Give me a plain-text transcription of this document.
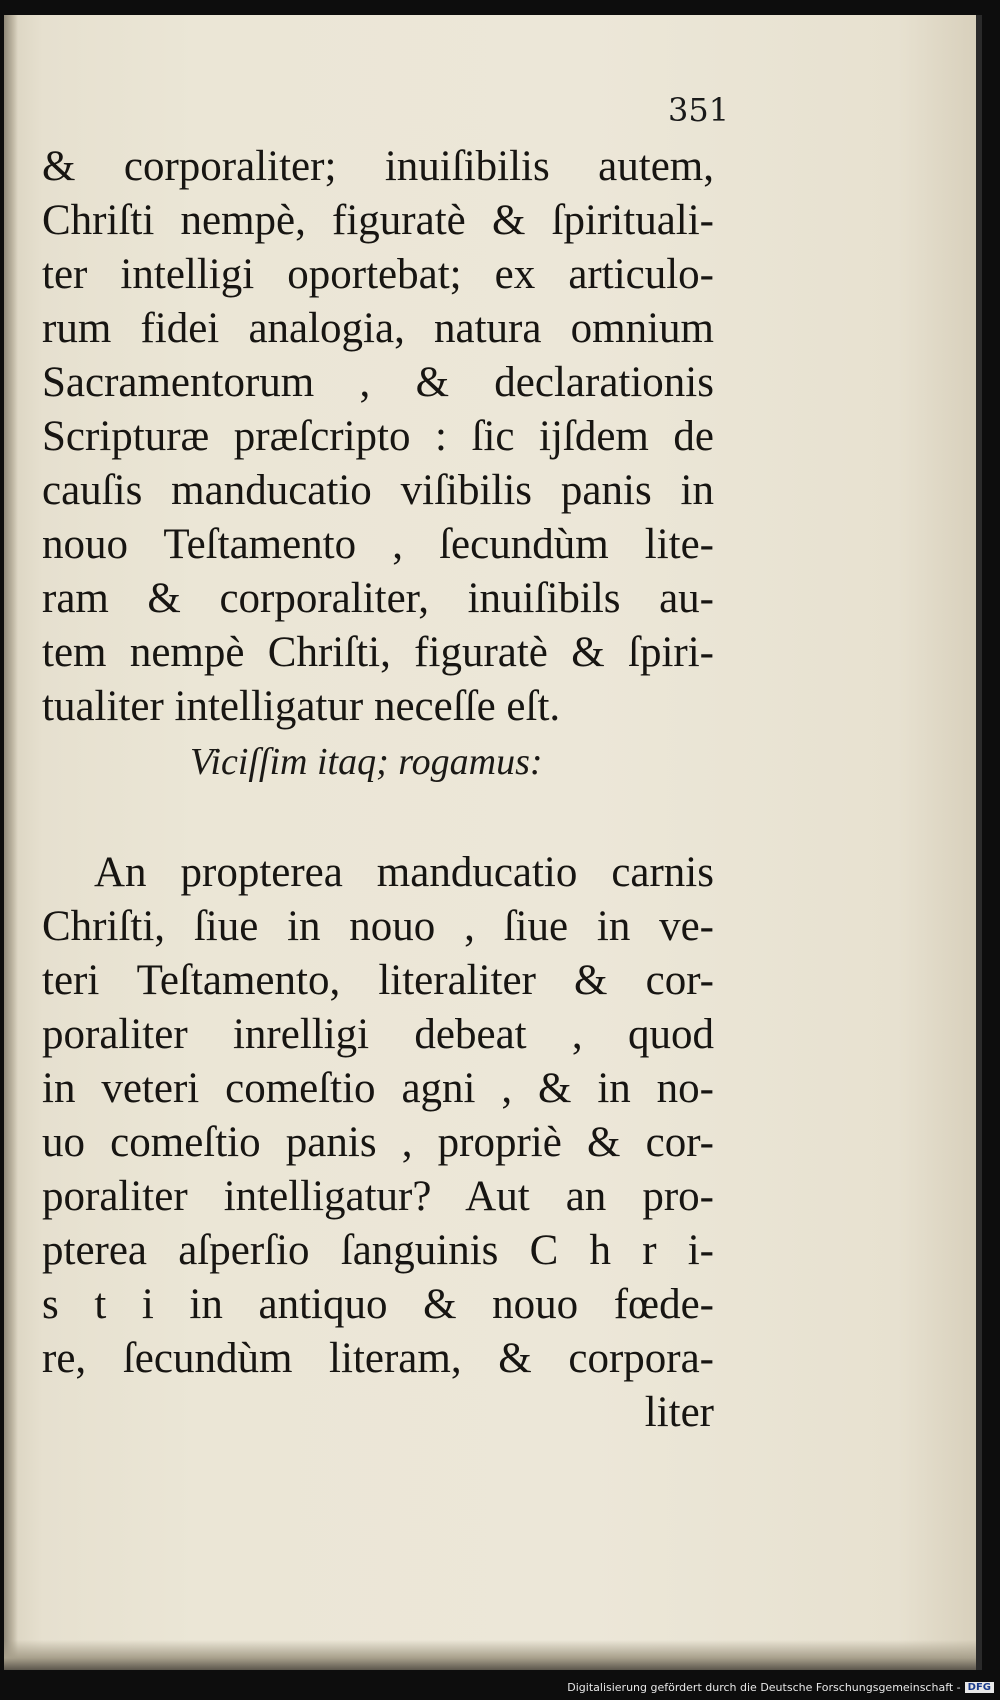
351
& corporaliter; inuiſibilis autem,
Chriſti nempè, figuratè & ſpirituali-
ter intelligi oportebat; ex articulo-
rum fidei analogia, natura omnium
Sacramentorum , & declarationis
Scripturæ præſcripto : ſic ijſdem de
cauſis manducatio viſibilis panis in
nouo Teſtamento , ſecundùm lite-
ram & corporaliter, inuiſibils au-
tem nempè Chriſti, figuratè & ſpiri-
tualiter intelligatur neceſſe eſt.
Viciſſim itaq; rogamus:
An propterea manducatio carnis
Chriſti, ſiue in nouo , ſiue in ve-
teri Teſtamento, literaliter & cor-
poraliter inrelligi debeat , quod
in veteri comeſtio agni , & in no-
uo comeſtio panis , propriè & cor-
poraliter intelligatur? Aut an pro-
pterea aſperſio ſanguinis C h r i-
s t i in antiquo & nouo fœde-
re, ſecundùm literam, & corpora-
liter
Digitalisierung gefördert durch die Deutsche Forschungsgemeinschaft - DFG
